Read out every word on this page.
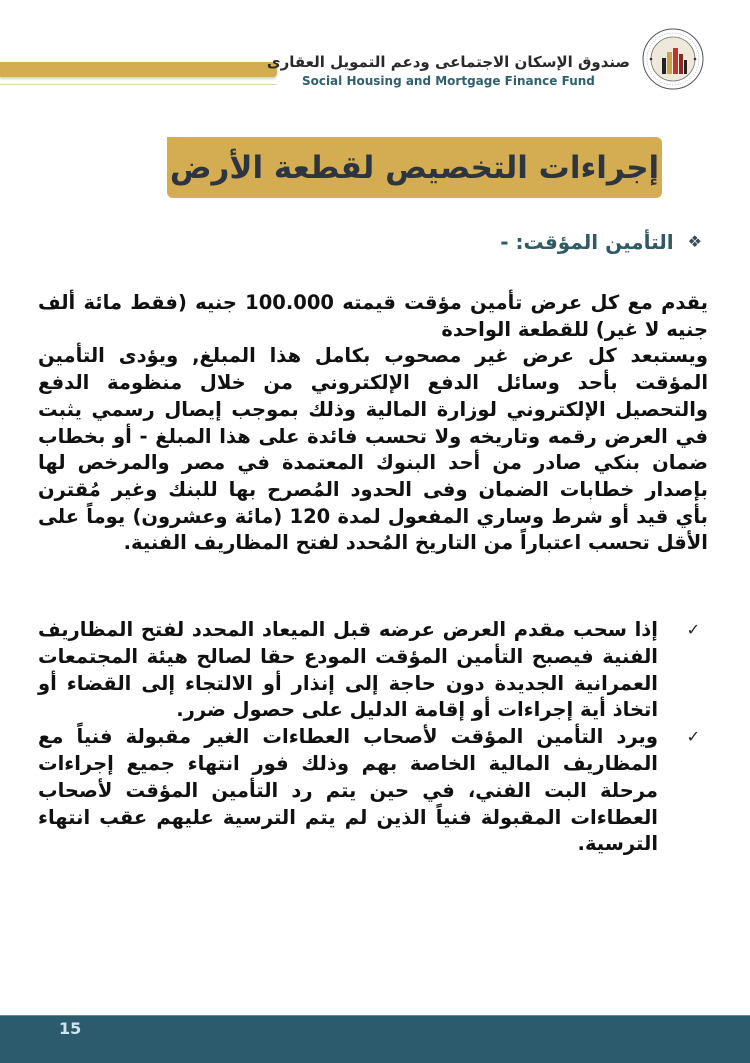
صندوق الإسكان الاجتماعى ودعم التمويل العقارى
Social Housing and Mortgage Finance Fund
إجراءات التخصيص لقطعة الأرض
❖
التأمين المؤقت: -

يقدم مع كل عرض تأمين مؤقت قيمته 100.000 جنيه (فقط مائة ألف جنيه لا غير) للقطعة الواحدة

ويستبعد كل عرض غير مصحوب بكامل هذا المبلغ, ويؤدى التأمين المؤقت بأحد وسائل الدفع الإلكتروني من خلال منظومة الدفع والتحصيل الإلكتروني لوزارة المالية وذلك بموجب إيصال رسمي يثبت في العرض رقمه وتاريخه ولا تحسب فائدة على هذا المبلغ - أو بخطاب ضمان بنكي صادر من أحد البنوك المعتمدة في مصر والمرخص لها بإصدار خطابات الضمان وفى الحدود المُصرح بها للبنك وغير مُقترن بأي قيد أو شرط وساري المفعول لمدة 120 (مائة وعشرون) يوماً على الأقل تحسب اعتباراً من التاريخ المُحدد لفتح المظاريف الفنية.

✓
إذا سحب مقدم العرض عرضه قبل الميعاد المحدد لفتح المظاريف الفنية فيصبح التأمين المؤقت المودع حقا لصالح هيئة المجتمعات العمرانية الجديدة دون حاجة إلى إنذار أو الالتجاء إلى القضاء أو اتخاذ أية إجراءات أو إقامة الدليل على حصول ضرر.
✓
ويرد التأمين المؤقت لأصحاب العطاءات الغير مقبولة فنياً مع المظاريف المالية الخاصة بهم وذلك فور انتهاء جميع إجراءات مرحلة البت الفني، في حين يتم رد التأمين المؤقت لأصحاب العطاءات المقبولة فنياً الذين لم يتم الترسية عليهم عقب انتهاء الترسية.
15
